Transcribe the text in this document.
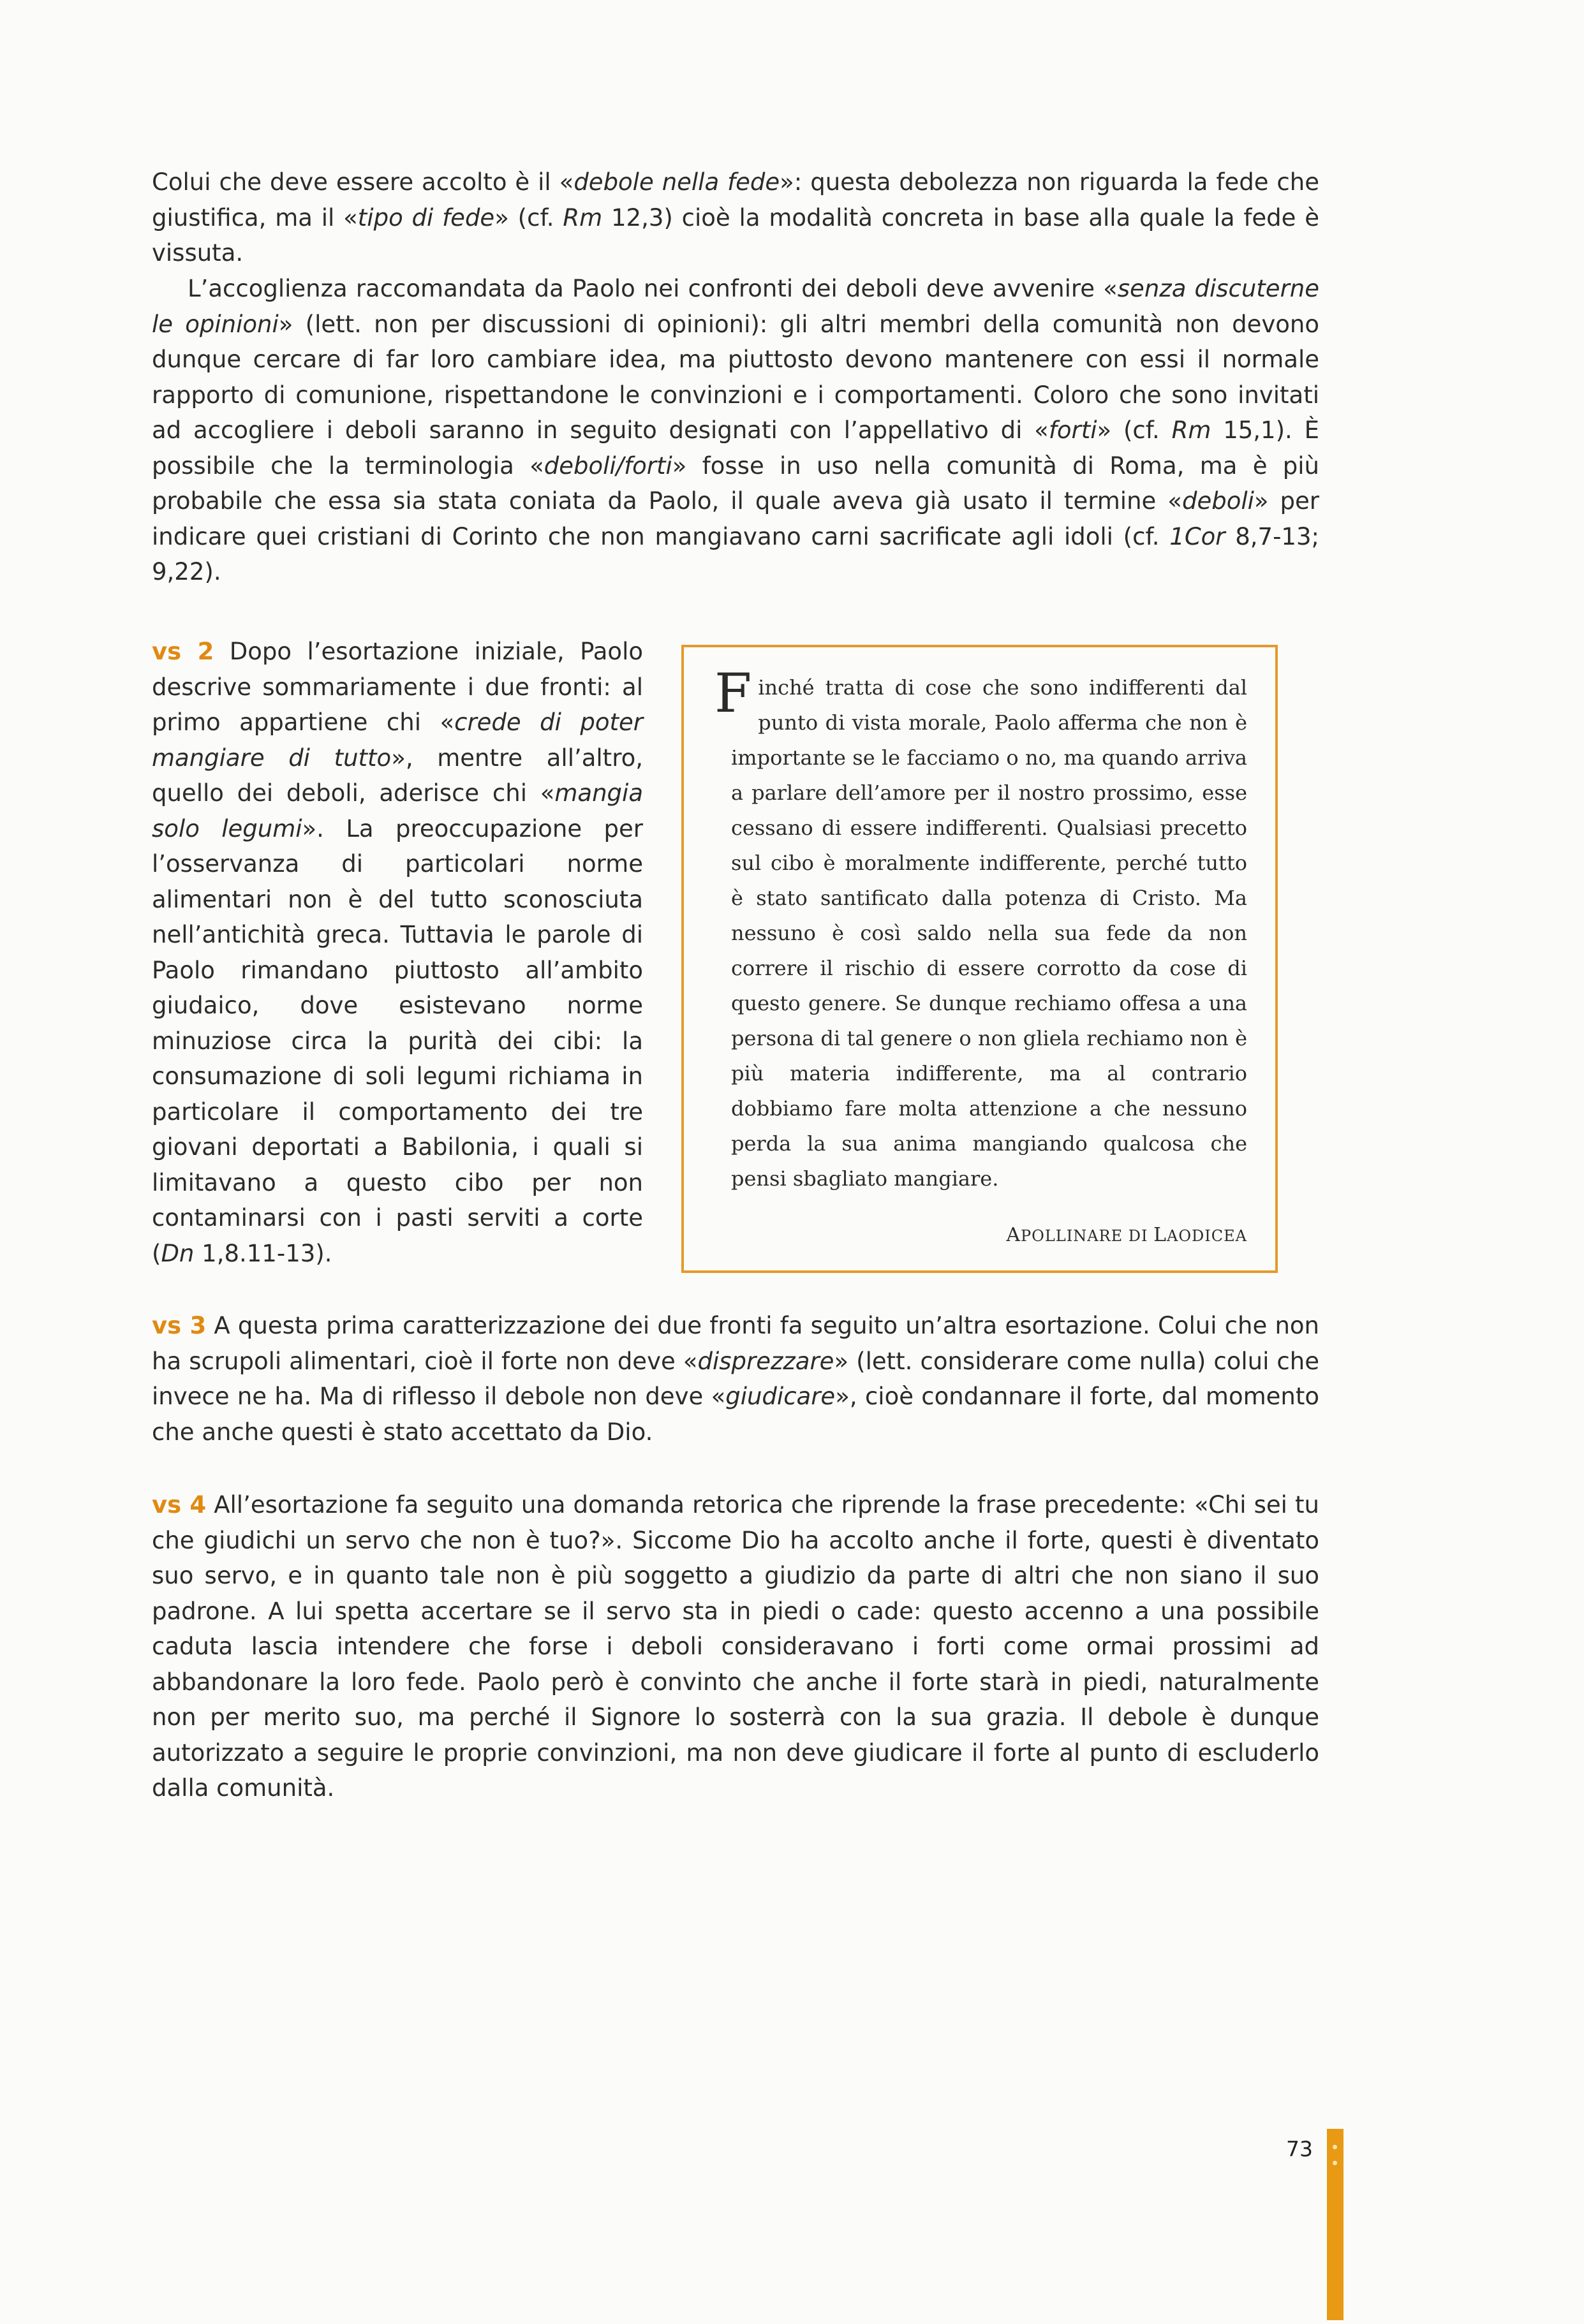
Colui che deve essere accolto è il «debole nella fede»: questa debolezza non riguarda la fede che giustifica, ma il «tipo di fede» (cf. Rm 12,3) cioè la modalità concreta in base alla quale la fede è vissuta.

L’accoglienza raccomandata da Paolo nei confronti dei deboli deve avvenire «senza discuterne le opinioni» (lett. non per discussioni di opinioni): gli altri membri della comunità non devono dunque cercare di far loro cambiare idea, ma piuttosto devono mantenere con essi il normale rapporto di comunione, rispettandone le convinzioni e i comportamenti. Coloro che sono invitati ad accogliere i deboli saranno in seguito designati con l’appellativo di «forti» (cf. Rm 15,1). È possibile che la terminologia «deboli/forti» fosse in uso nella comunità di Roma, ma è più probabile che essa sia stata coniata da Paolo, il quale aveva già usato il termine «deboli» per indicare quei cristiani di Corinto che non mangiavano carni sacrificate agli idoli (cf. 1Cor 8,7-13; 9,22).

vs 2 Dopo l’esortazione iniziale, Paolo descrive sommariamente i due fronti: al primo appartiene chi «crede di poter mangiare di tutto», mentre all’altro, quello dei deboli, aderisce chi «mangia solo legumi». La preoccupazione per l’osservanza di particolari norme alimentari non è del tutto sconosciuta nell’antichità greca. Tuttavia le parole di Paolo rimandano piuttosto all’ambito giudaico, dove esistevano norme minuziose circa la purità dei cibi: la consumazione di soli legumi richiama in particolare il comportamento dei tre giovani deportati a Babilonia, i quali si limitavano a questo cibo per non contaminarsi con i pasti serviti a corte (Dn 1,8.11-13).

Finché tratta di cose che sono indifferenti dal punto di vista morale, Paolo afferma che non è importante se le facciamo o no, ma quando arriva a parlare dell’amore per il nostro prossimo, esse cessano di essere indifferenti. Qualsiasi precetto sul cibo è moralmente indifferente, perché tutto è stato santificato dalla potenza di Cristo. Ma nessuno è così saldo nella sua fede da non correre il rischio di essere corrotto da cose di questo genere. Se dunque rechiamo offesa a una persona di tal genere o non gliela rechiamo non è più materia indifferente, ma al contrario dobbiamo fare molta attenzione a che nessuno perda la sua anima mangiando qualcosa che pensi sbagliato mangiare.

APOLLINARE DI LAODICEA

vs 3 A questa prima caratterizzazione dei due fronti fa seguito un’altra esortazione. Colui che non ha scrupoli alimentari, cioè il forte non deve «disprezzare» (lett. considerare come nulla) colui che invece ne ha. Ma di riflesso il debole non deve «giudicare», cioè condannare il forte, dal momento che anche questi è stato accettato da Dio.

vs 4 All’esortazione fa seguito una domanda retorica che riprende la frase precedente: «Chi sei tu che giudichi un servo che non è tuo?». Siccome Dio ha accolto anche il forte, questi è diventato suo servo, e in quanto tale non è più soggetto a giudizio da parte di altri che non siano il suo padrone. A lui spetta accertare se il servo sta in piedi o cade: questo accenno a una possibile caduta lascia intendere che forse i deboli consideravano i forti come ormai prossimi ad abbandonare la loro fede. Paolo però è convinto che anche il forte starà in piedi, naturalmente non per merito suo, ma perché il Signore lo sosterrà con la sua grazia. Il debole è dunque autorizzato a seguire le proprie convinzioni, ma non deve giudicare il forte al punto di escluderlo dalla comunità.

73
